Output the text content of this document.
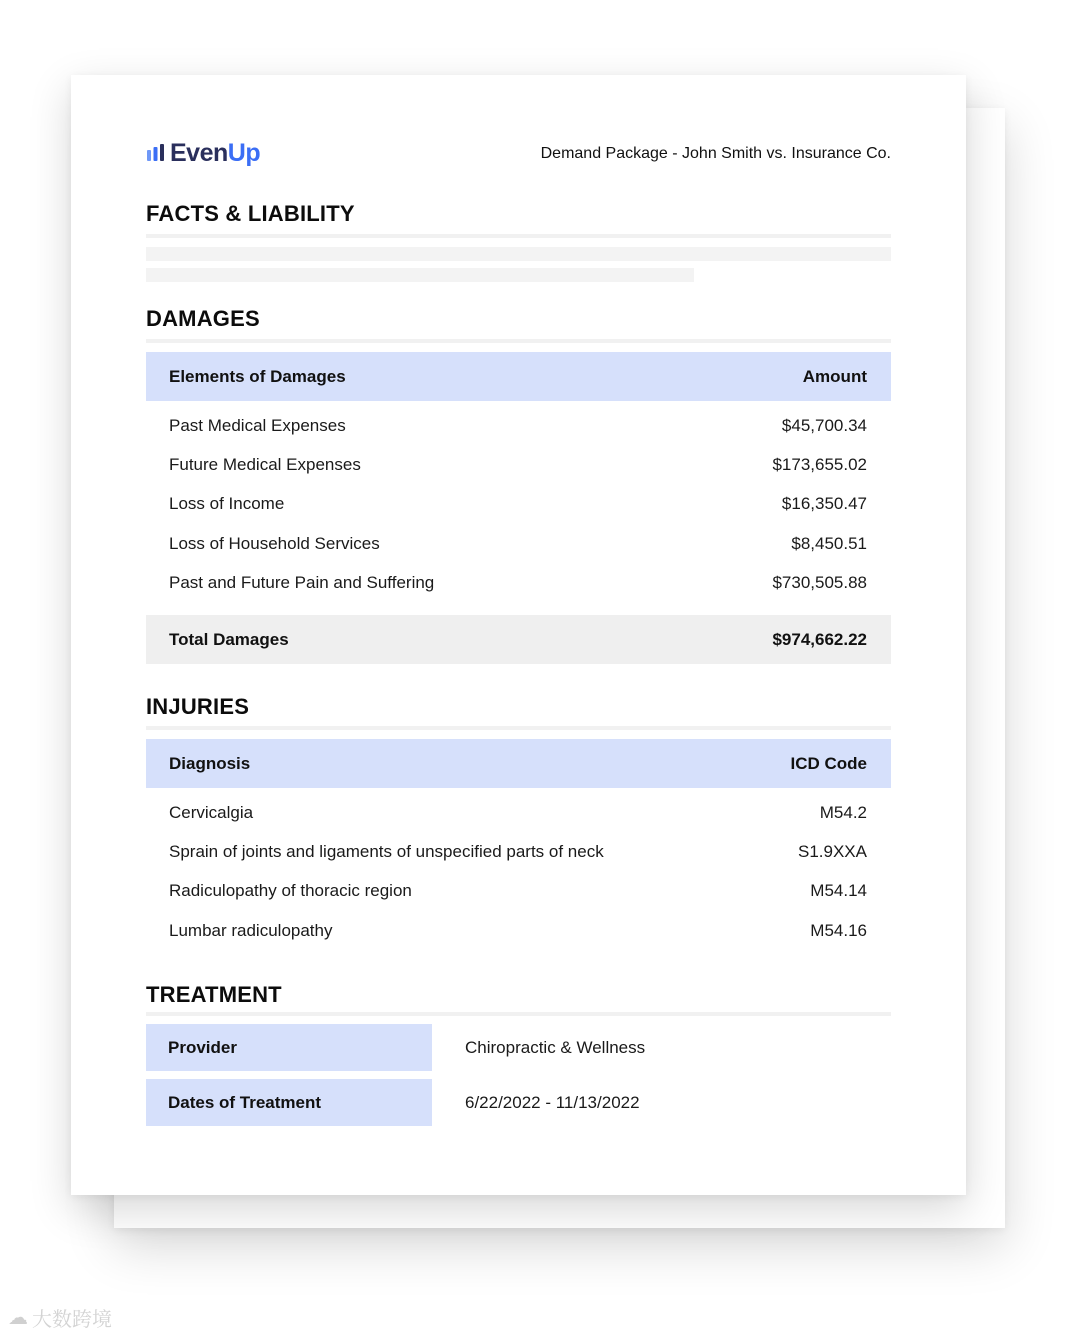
EvenUp	Demand Package - John Smith vs. Insurance Co.
FACTS & LIABILITY
DAMAGES
Elements of Damages	Amount
Past Medical Expenses	$45,700.34
Future Medical Expenses	$173,655.02
Loss of Income	$16,350.47
Loss of Household Services	$8,450.51
Past and Future Pain and Suffering	$730,505.88
Total Damages	$974,662.22
INJURIES
Diagnosis	ICD Code
Cervicalgia	M54.2
Sprain of joints and ligaments of unspecified parts of neck	S1.9XXA
Radiculopathy of thoracic region	M54.14
Lumbar radiculopathy	M54.16
TREATMENT
Provider	Chiropractic & Wellness
Dates of Treatment	6/22/2022 - 11/13/2022
☁ 大数跨境
